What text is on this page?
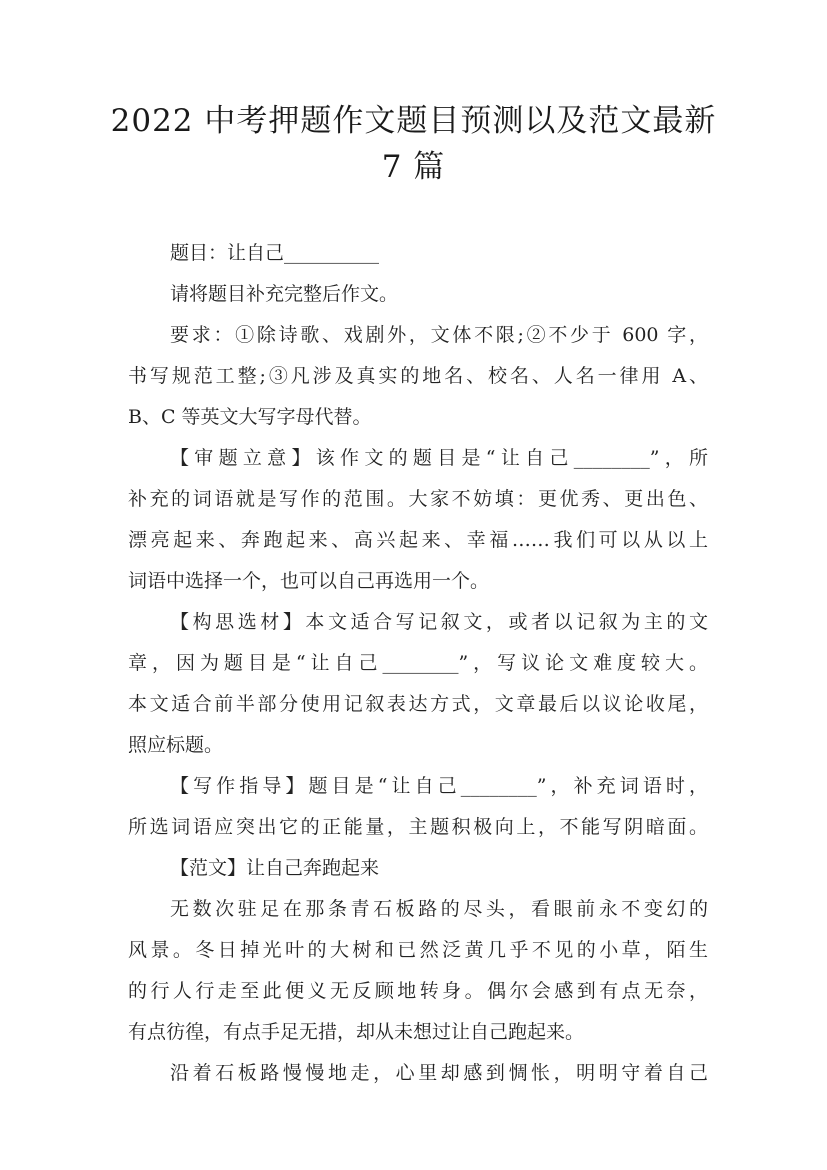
2022 中考押题作文题目预测以及范文最新
7 篇
题目：让自己__________
请将题目补充完整后作文。
要求：①除诗歌、戏剧外，文体不限;②不少于 600 字，
书写规范工整;③凡涉及真实的地名、校名、人名一律用 A、
B、C 等英文大写字母代替。
【审题立意】该作文的题目是“让自己________”，所
补充的词语就是写作的范围。大家不妨填：更优秀、更出色、
漂亮起来、奔跑起来、高兴起来、幸福……我们可以从以上
词语中选择一个，也可以自己再选用一个。
【构思选材】本文适合写记叙文，或者以记叙为主的文
章，因为题目是“让自己________”，写议论文难度较大。
本文适合前半部分使用记叙表达方式，文章最后以议论收尾，
照应标题。
【写作指导】题目是“让自己________”，补充词语时，
所选词语应突出它的正能量，主题积极向上，不能写阴暗面。
【范文】让自己奔跑起来
无数次驻足在那条青石板路的尽头，看眼前永不变幻的
风景。冬日掉光叶的大树和已然泛黄几乎不见的小草，陌生
的行人行走至此便义无反顾地转身。偶尔会感到有点无奈，
有点彷徨，有点手足无措，却从未想过让自己跑起来。
沿着石板路慢慢地走，心里却感到惆怅，明明守着自己
